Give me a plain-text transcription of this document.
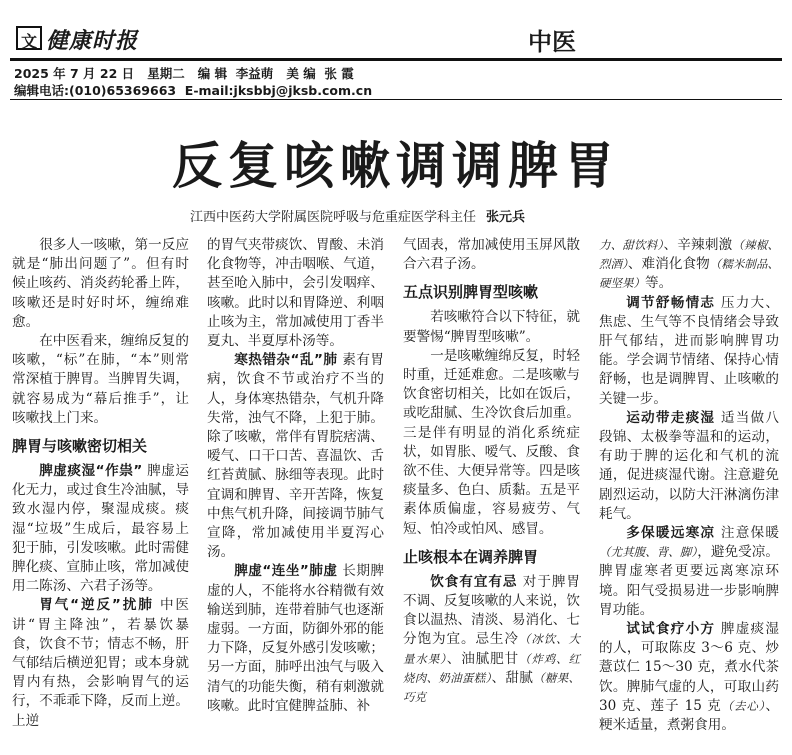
文 健康时报	中医
2025 年 7 月 22 日   星期二   编 辑  李益萌   美 编  张 霞
编辑电话:(010)65369663  E-mail:jksbbj@jksb.com.cn
反复咳嗽调调脾胃
江西中医药大学附属医院呼吸与危重症医学科主任 张元兵

很多人一咳嗽，第一反应就是“肺出问题了”。但有时候止咳药、消炎药轮番上阵，咳嗽还是时好时坏，缠绵难愈。

在中医看来，缠绵反复的咳嗽，“标”在肺，“本”则常常深植于脾胃。当脾胃失调，就容易成为“幕后推手”，让咳嗽找上门来。

脾胃与咳嗽密切相关

脾虚痰湿“作祟” 脾虚运化无力，或过食生冷油腻，导致水湿内停，聚湿成痰。痰湿“垃圾”生成后，最容易上犯于肺，引发咳嗽。此时需健脾化痰、宣肺止咳，常加减使用二陈汤、六君子汤等。

胃气“逆反”扰肺 中医讲“胃主降浊”，若暴饮暴食，饮食不节；情志不畅，肝气郁结后横逆犯胃；或本身就胃内有热，会影响胃气的运行，不乖乖下降，反而上逆。上逆

的胃气夹带痰饮、胃酸、未消化食物等，冲击咽喉、气道，甚至呛入肺中，会引发咽痒、咳嗽。此时以和胃降逆、利咽止咳为主，常加减使用丁香半夏丸、半夏厚朴汤等。

寒热错杂“乱”肺 素有胃病，饮食不节或治疗不当的人，身体寒热错杂，气机升降失常，浊气不降，上犯于肺。除了咳嗽，常伴有胃脘痞满、嗳气、口干口苦、喜温饮、舌红苔黄腻、脉细等表现。此时宜调和脾胃、辛开苦降，恢复中焦气机升降，间接调节肺气宣降，常加减使用半夏泻心汤。

脾虚“连坐”肺虚 长期脾虚的人，不能将水谷精微有效输送到肺，连带着肺气也逐渐虚弱。一方面，防御外邪的能力下降，反复外感引发咳嗽；另一方面，肺呼出浊气与吸入清气的功能失衡，稍有刺激就咳嗽。此时宜健脾益肺、补

气固表，常加减使用玉屏风散合六君子汤。

五点识别脾胃型咳嗽

若咳嗽符合以下特征，就要警惕“脾胃型咳嗽”。

一是咳嗽缠绵反复，时轻时重，迁延难愈。二是咳嗽与饮食密切相关，比如在饭后，或吃甜腻、生冷饮食后加重。三是伴有明显的消化系统症状，如胃胀、嗳气、反酸、食欲不佳、大便异常等。四是咳痰量多、色白、质黏。五是平素体质偏虚，容易疲劳、气短、怕冷或怕风、感冒。

止咳根本在调养脾胃

饮食有宜有忌 对于脾胃不调、反复咳嗽的人来说，饮食以温热、清淡、易消化、七分饱为宜。忌生冷（冰饮、大量水果）、油腻肥甘（炸鸡、红烧肉、奶油蛋糕）、甜腻（糖果、巧克

力、甜饮料）、辛辣刺激（辣椒、烈酒）、难消化食物（糯米制品、硬坚果）等。

调节舒畅情志 压力大、焦虑、生气等不良情绪会导致肝气郁结，进而影响脾胃功能。学会调节情绪、保持心情舒畅，也是调脾胃、止咳嗽的关键一步。

运动带走痰湿 适当做八段锦、太极拳等温和的运动，有助于脾的运化和气机的流通，促进痰湿代谢。注意避免剧烈运动，以防大汗淋漓伤津耗气。

多保暖远寒凉 注意保暖（尤其腹、背、脚），避免受凉。脾胃虚寒者更要远离寒凉环境。阳气受损易进一步影响脾胃功能。

试试食疗小方 脾虚痰湿的人，可取陈皮 3～6 克、炒薏苡仁 15～30 克，煮水代茶饮。脾肺气虚的人，可取山药 30 克、莲子 15 克（去心）、粳米适量，煮粥食用。
